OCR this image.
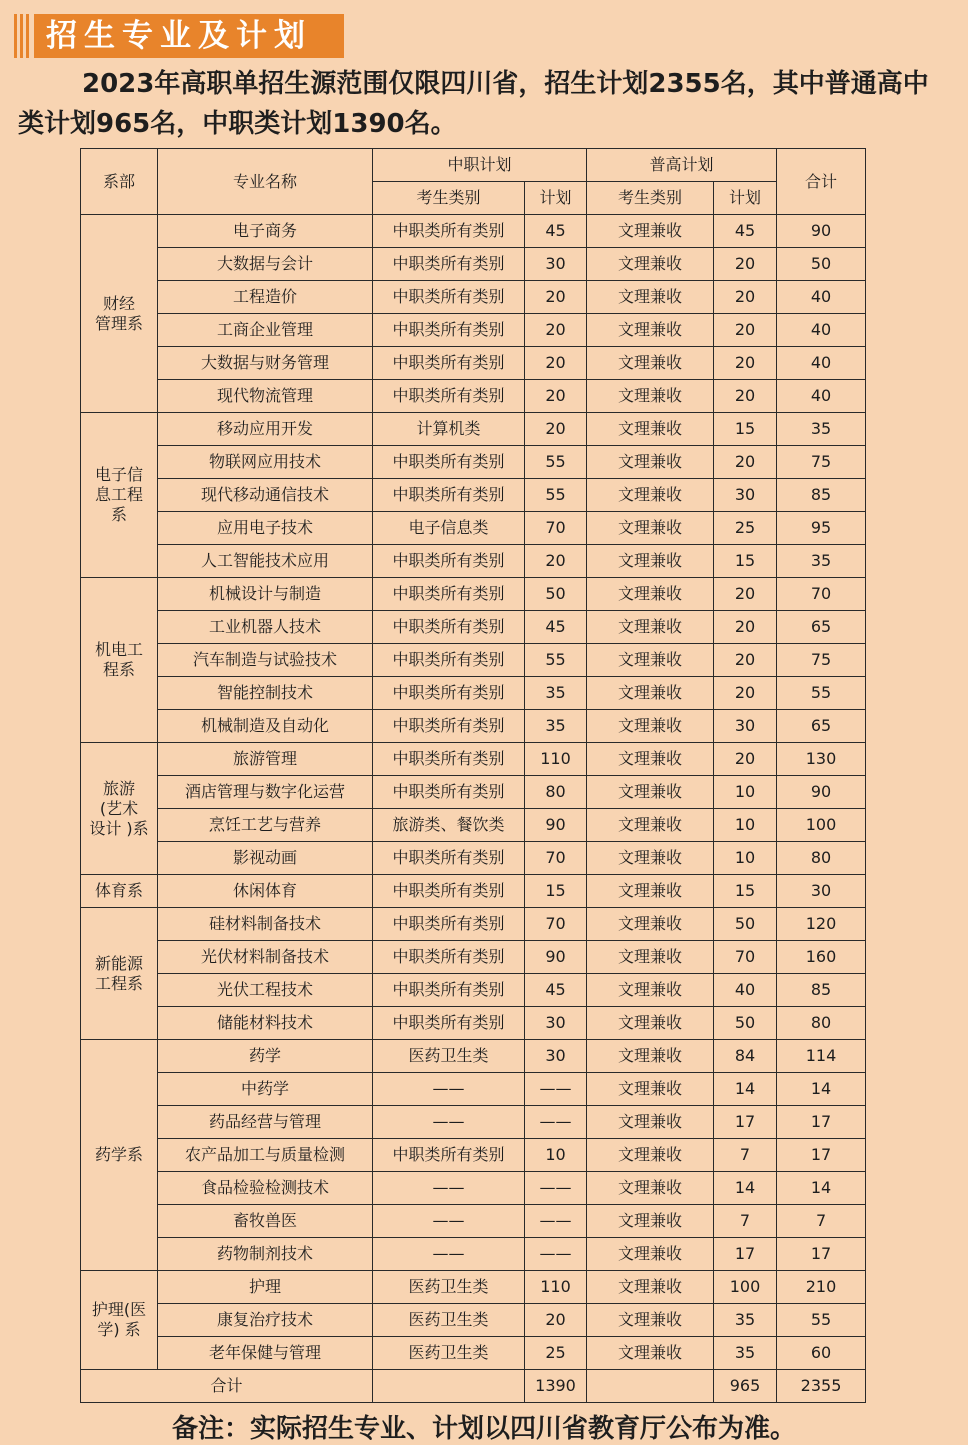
招生专业及计划
2023年高职单招生源范围仅限四川省，招生计划2355名，其中普通高中类计划965名，中职类计划1390名。
系部	专业名称	中职计划		普高计划		合计
		考生类别	计划	考生类别	计划	

财经
管理系	电子商务	中职类所有类别	45	文理兼收	45	90
	大数据与会计	中职类所有类别	30	文理兼收	20	50
	工程造价	中职类所有类别	20	文理兼收	20	40
	工商企业管理	中职类所有类别	20	文理兼收	20	40
	大数据与财务管理	中职类所有类别	20	文理兼收	20	40
	现代物流管理	中职类所有类别	20	文理兼收	20	40

电子信
息工程
系	移动应用开发	计算机类	20	文理兼收	15	35
	物联网应用技术	中职类所有类别	55	文理兼收	20	75
	现代移动通信技术	中职类所有类别	55	文理兼收	30	85
	应用电子技术	电子信息类	70	文理兼收	25	95
	人工智能技术应用	中职类所有类别	20	文理兼收	15	35

机电工
程系	机械设计与制造	中职类所有类别	50	文理兼收	20	70
	工业机器人技术	中职类所有类别	45	文理兼收	20	65
	汽车制造与试验技术	中职类所有类别	55	文理兼收	20	75
	智能控制技术	中职类所有类别	35	文理兼收	20	55
	机械制造及自动化	中职类所有类别	35	文理兼收	30	65

旅游
(艺术
设计 )系	旅游管理	中职类所有类别	110	文理兼收	20	130
	酒店管理与数字化运营	中职类所有类别	80	文理兼收	10	90
	烹饪工艺与营养	旅游类、餐饮类	90	文理兼收	10	100
	影视动画	中职类所有类别	70	文理兼收	10	80

体育系	休闲体育	中职类所有类别	15	文理兼收	15	30

新能源
工程系	硅材料制备技术	中职类所有类别	70	文理兼收	50	120
	光伏材料制备技术	中职类所有类别	90	文理兼收	70	160
	光伏工程技术	中职类所有类别	45	文理兼收	40	85
	储能材料技术	中职类所有类别	30	文理兼收	50	80

药学系	药学	医药卫生类	30	文理兼收	84	114
	中药学	——	——	文理兼收	14	14
	药品经营与管理	——	——	文理兼收	17	17
	农产品加工与质量检测	中职类所有类别	10	文理兼收	7	17
	食品检验检测技术	——	——	文理兼收	14	14
	畜牧兽医	——	——	文理兼收	7	7
	药物制剂技术	——	——	文理兼收	17	17

护理(医
学) 系	护理	医药卫生类	110	文理兼收	100	210
	康复治疗技术	医药卫生类	20	文理兼收	35	55
	老年保健与管理	医药卫生类	25	文理兼收	35	60
合计			1390		965	2355
备注：实际招生专业、计划以四川省教育厅公布为准。
